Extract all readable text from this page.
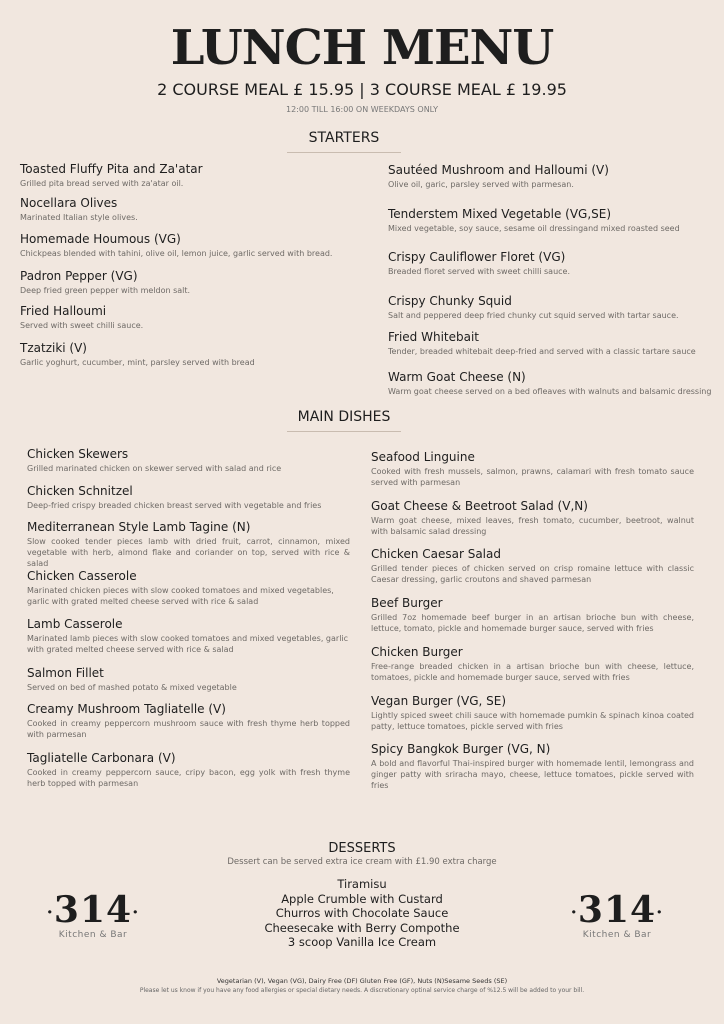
LUNCH MENU
2 COURSE MEAL £ 15.95 | 3 COURSE MEAL £ 19.95
12:00 TILL 16:00 ON WEEKDAYS ONLY
STARTERS
Toasted Fluffy Pita and Za'atar
Grilled pita bread served with za'atar oil.
Nocellara Olives
Marinated Italian style olives.
Homemade Houmous (VG)
Chickpeas blended with tahini, olive oil, lemon juice, garlic served with bread.
Padron Pepper (VG)
Deep fried green pepper with meldon salt.
Fried Halloumi
Served with sweet chilli sauce.
Tzatziki (V)
Garlic yoghurt, cucumber, mint, parsley served with bread
Sautéed Mushroom and Halloumi (V)
Olive oil, garic, parsley served with parmesan.
Tenderstem Mixed Vegetable (VG,SE)
Mixed vegetable, soy sauce, sesame oil dressingand mixed roasted seed
Crispy Cauliflower Floret (VG)
Breaded floret served with sweet chilli sauce.
Crispy Chunky Squid
Salt and peppered deep fried chunky cut squid served with tartar sauce.
Fried Whitebait
Tender, breaded whitebait deep-fried and served with a classic tartare sauce
Warm Goat Cheese (N)
Warm goat cheese served on a bed ofleaves with walnuts and balsamic dressing
MAIN DISHES
Chicken Skewers
Grilled marinated chicken on skewer served with salad and rice
Chicken Schnitzel
Deep-fried crispy breaded chicken breast served with vegetable and fries
Mediterranean Style Lamb Tagine (N)
Slow cooked tender pieces lamb with dried fruit, carrot, cinnamon, mixed vegetable with herb, almond flake and coriander on top, served with rice & salad
Chicken Casserole
Marinated chicken pieces with slow cooked tomatoes and mixed vegetables, garlic with grated melted cheese served with rice & salad
Lamb Casserole
Marinated lamb pieces with slow cooked tomatoes and mixed vegetables, garlic with grated melted cheese served with rice & salad
Salmon Fillet
Served on bed of mashed potato & mixed vegetable
Creamy Mushroom Tagliatelle (V)
Cooked in creamy peppercorn mushroom sauce with fresh thyme herb topped with parmesan
Tagliatelle Carbonara (V)
Cooked in creamy peppercorn sauce, cripy bacon, egg yolk with fresh thyme herb topped with parmesan
Seafood Linguine
Cooked with fresh mussels, salmon, prawns, calamari with fresh tomato sauce served with parmesan
Goat Cheese & Beetroot Salad (V,N)
Warm goat cheese, mixed leaves, fresh tomato, cucumber, beetroot, walnut with balsamic salad dressing
Chicken Caesar Salad
Grilled tender pieces of chicken served on crisp romaine lettuce with classic Caesar dressing, garlic croutons and shaved parmesan
Beef Burger
Grilled 7oz homemade beef burger in an artisan brioche bun with cheese, lettuce, tomato, pickle and homemade burger sauce, served with fries
Chicken Burger
Free-range breaded chicken in a artisan brioche bun with cheese, lettuce, tomatoes, pickle and homemade burger sauce, served with fries
Vegan Burger (VG, SE)
Lightly spiced sweet chili sauce with homemade pumkin & spinach kinoa coated patty, lettuce tomatoes, pickle served with fries
Spicy Bangkok Burger (VG, N)
A bold and flavorful Thai-inspired burger with homemade lentil, lemongrass and ginger patty with sriracha mayo, cheese, lettuce tomatoes, pickle served with fries
DESSERTS
Dessert can be served extra ice cream with £1.90 extra charge
Tiramisu
Apple Crumble with Custard
Churros with Chocolate Sauce
Cheesecake with Berry Compothe
3 scoop Vanilla Ice Cream
·314·
Kitchen & Bar
·314·
Kitchen & Bar
Vegetarian (V), Vegan (VG), Dairy Free (DF) Gluten Free (GF), Nuts (N)Sesame Seeds (SE)
Please let us know if you have any food allergies or special dietary needs. A discretionary optinal service charge of %12.5 will be added to your bill.
